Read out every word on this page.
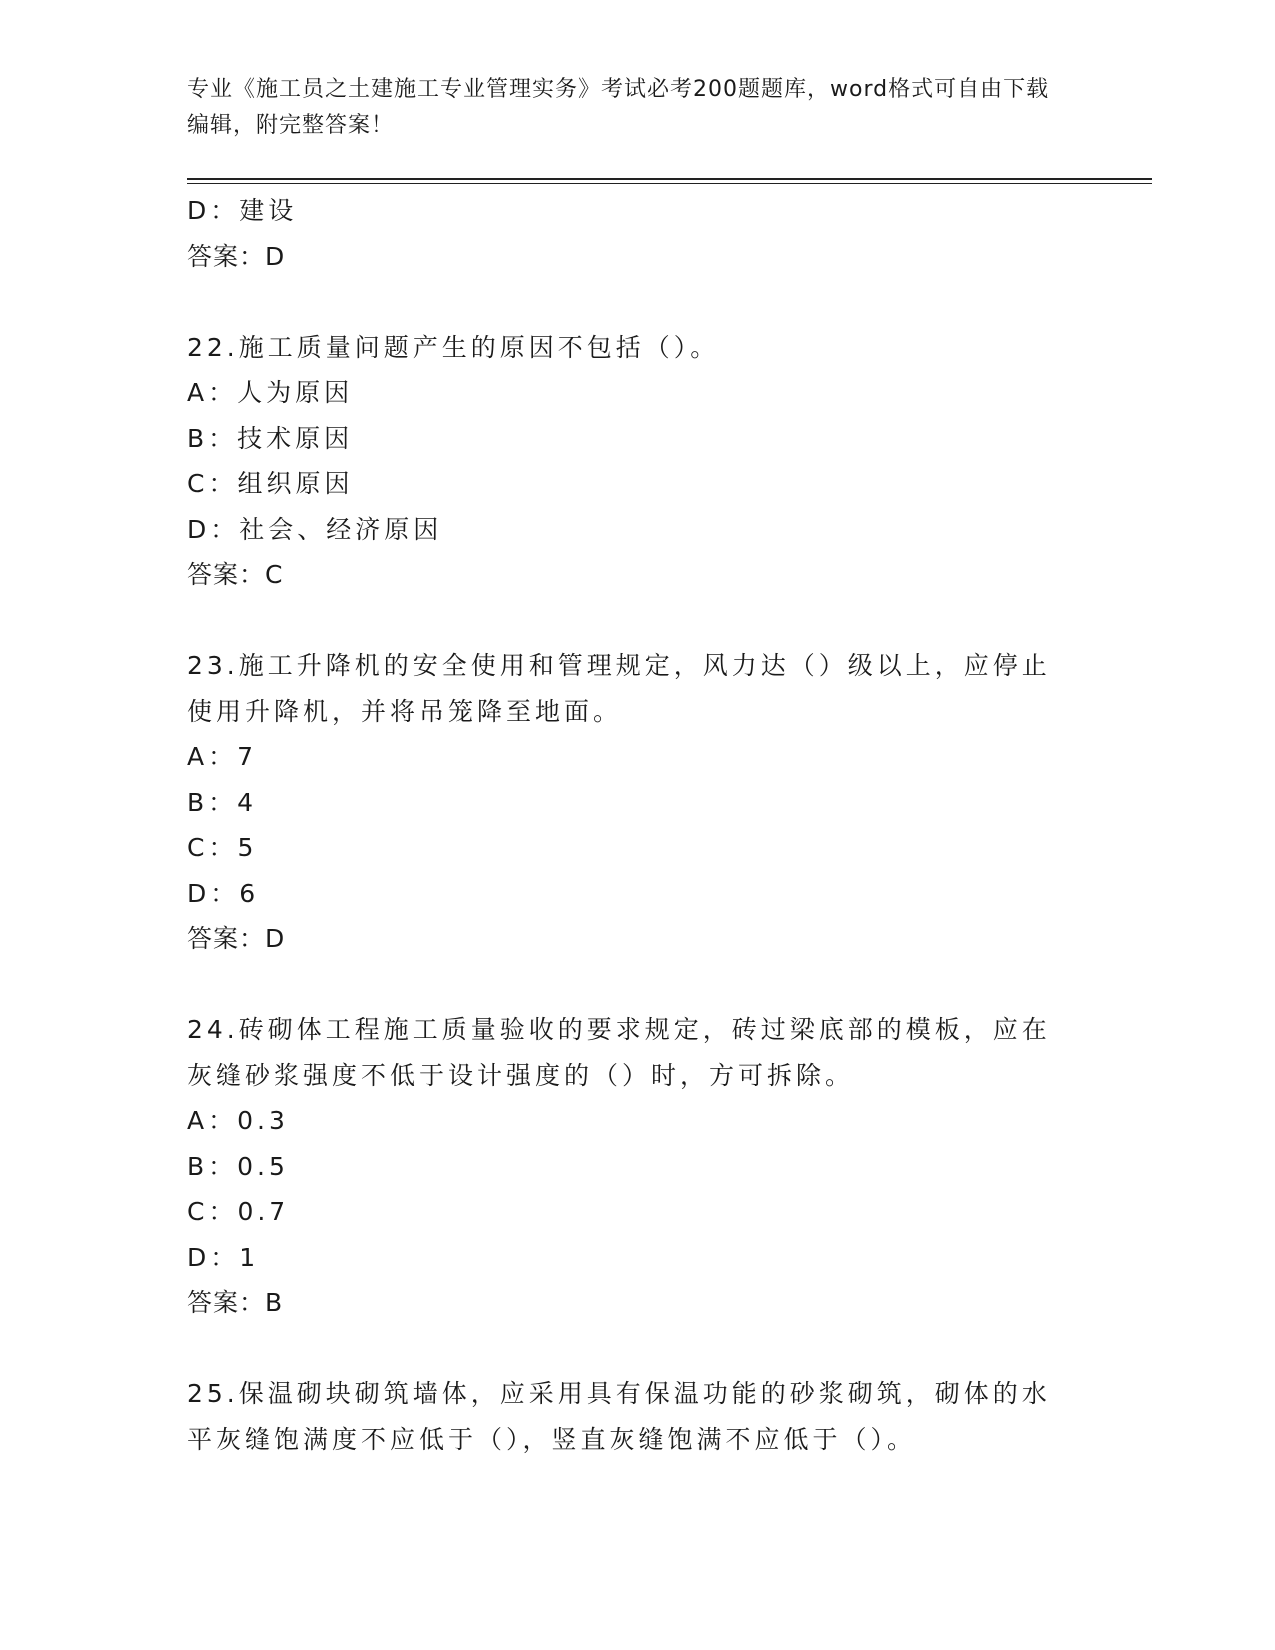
专业《施工员之土建施工专业管理实务》考试必考200题题库，word格式可自由下载编辑，附完整答案！
D：建设
答案：D
22.施工质量问题产生的原因不包括（）。
A：人为原因
B：技术原因
C：组织原因
D：社会、经济原因
答案：C
23.施工升降机的安全使用和管理规定，风力达（）级以上，应停止使用升降机，并将吊笼降至地面。
A：7
B：4
C：5
D：6
答案：D
24.砖砌体工程施工质量验收的要求规定，砖过梁底部的模板，应在灰缝砂浆强度不低于设计强度的（）时，方可拆除。
A：0.3
B：0.5
C：0.7
D：1
答案：B
25.保温砌块砌筑墙体，应采用具有保温功能的砂浆砌筑，砌体的水平灰缝饱满度不应低于（），竖直灰缝饱满不应低于（）。
